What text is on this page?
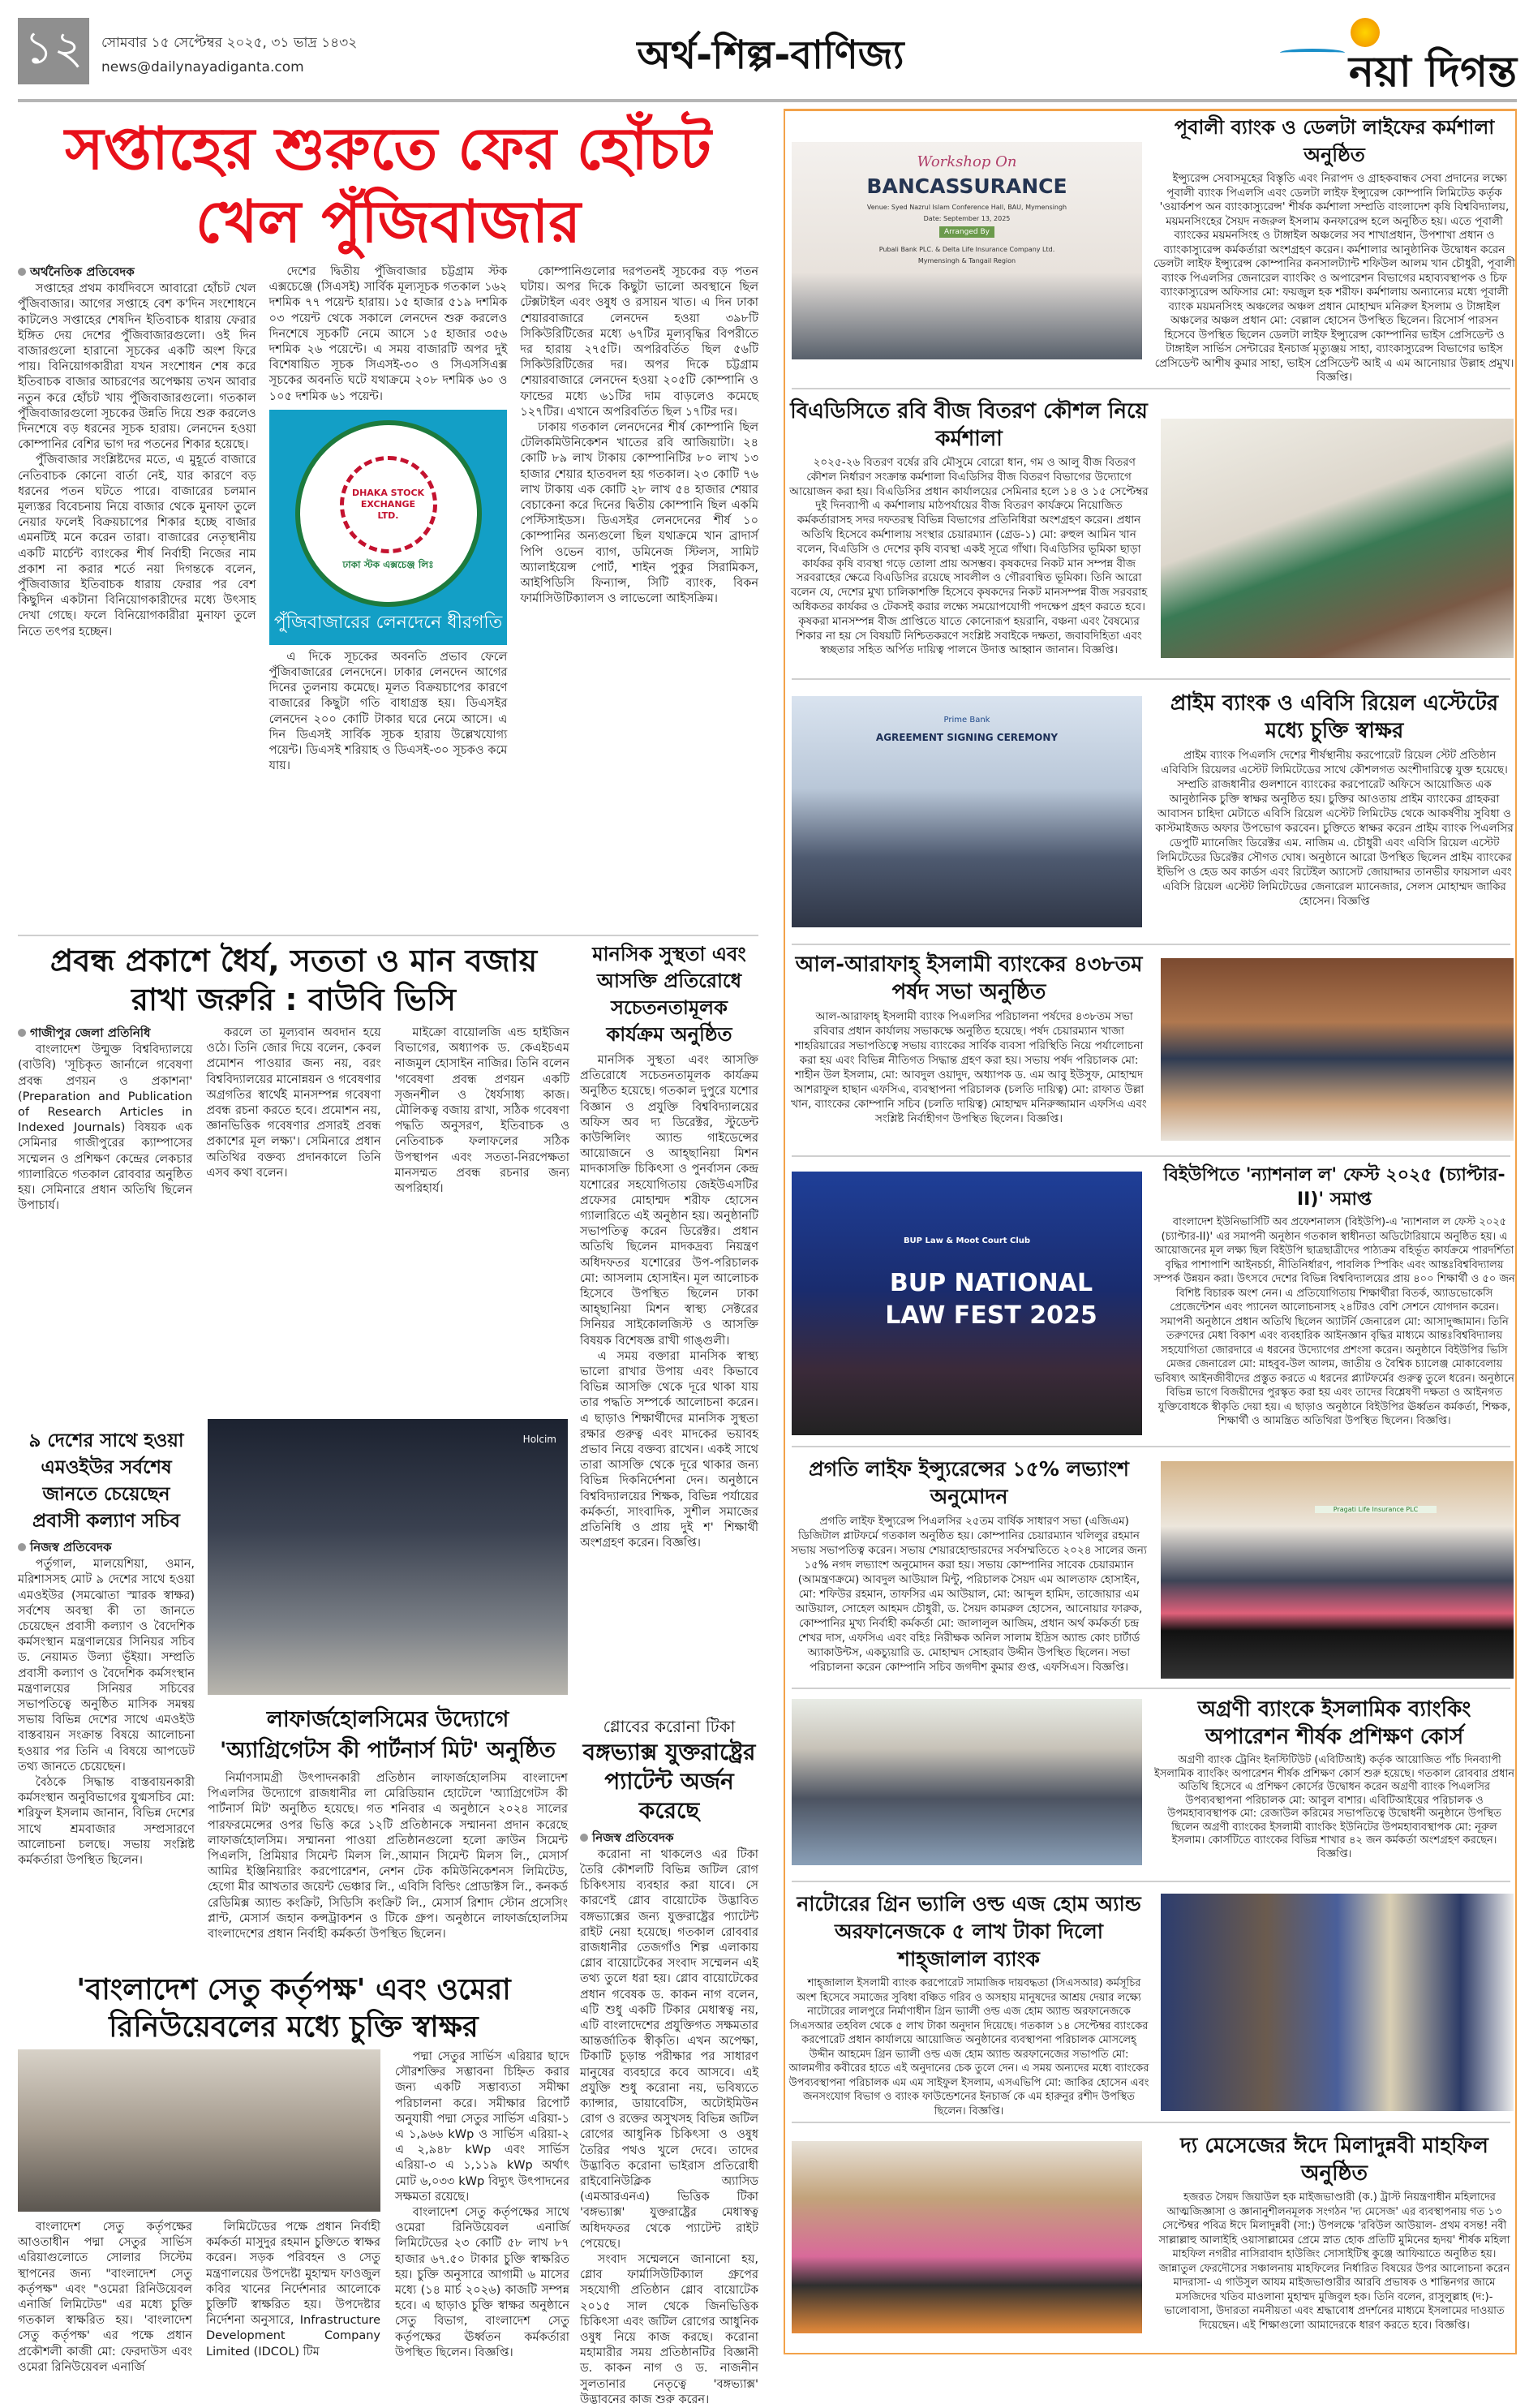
১২	সোমবার ১৫ সেপ্টেম্বর ২০২৫, ৩১ ভাদ্র ১৪৩২
news@dailynayadiganta.com	অর্থ-শিল্প-বাণিজ্য	নয়া দিগন্ত
সপ্তাহের শুরুতে ফের হোঁচট
খেল পুঁজিবাজার
অর্থনৈতিক প্রতিবেদক

সপ্তাহের প্রথম কার্যদিবসে আবারো হোঁচট খেল পুঁজিবাজার। আগের সপ্তাহে বেশ ক'দিন সংশোধনে কাটলেও সপ্তাহের শেষদিন ইতিবাচক ধারায় ফেরার ইঙ্গিত দেয় দেশের পুঁজিবাজারগুলো। ওই দিন বাজারগুলো হারানো সূচকের একটি অংশ ফিরে পায়। বিনিয়োগকারীরা যখন সংশোধন শেষ করে ইতিবাচক বাজার আচরণের অপেক্ষায় তখন আবার নতুন করে হোঁচট খায় পুঁজিবাজারগুলো। গতকাল পুঁজিবাজারগুলো সূচকের উন্নতি দিয়ে শুরু করলেও দিনশেষে বড় ধরনের সূচক হারায়। লেনদেন হওয়া কোম্পানির বেশির ভাগ দর পতনের শিকার হয়েছে।

পুঁজিবাজার সংশ্লিষ্টদের মতে, এ মুহূর্তে বাজারে নেতিবাচক কোনো বার্তা নেই, যার কারণে বড় ধরনের পতন ঘটতে পারে। বাজারের চলমান মূল্যস্তর বিবেচনায় নিয়ে বাজার থেকে মুনাফা তুলে নেয়ার ফলেই বিক্রয়চাপের শিকার হচ্ছে বাজার এমনটিই মনে করেন তারা। বাজারের নেতৃস্থানীয় একটি মার্চেন্ট ব্যাংকের শীর্ষ নির্বাহী নিজের নাম প্রকাশ না করার শর্তে নয়া দিগন্তকে বলেন, পুঁজিবাজার ইতিবাচক ধারায় ফেরার পর বেশ কিছুদিন একটানা বিনিয়োগকারীদের মধ্যে উৎসাহ দেখা গেছে। ফলে বিনিয়োগকারীরা মুনাফা তুলে নিতে তৎপর হচ্ছেন।

দেশের দ্বিতীয় পুঁজিবাজার চট্টগ্রাম স্টক এক্সচেঞ্জে (সিএসই) সার্বিক মূল্যসূচক গতকাল ১৬২ দশমিক ৭৭ পয়েন্ট হারায়। ১৫ হাজার ৫১৯ দশমিক ০৩ পয়েন্ট থেকে সকালে লেনদেন শুরু করলেও দিনশেষে সূচকটি নেমে আসে ১৫ হাজার ৩৫৬ দশমিক ২৬ পয়েন্টে। এ সময় বাজারটি অপর দুই বিশেষায়িত সূচক সিএসই-৩০ ও সিএসসিএক্স সূচকের অবনতি ঘটে যথাক্রমে ২০৮ দশমিক ৬০ ও ১০৫ দশমিক ৬১ পয়েন্ট।

DHAKA STOCK EXCHANGE LTD.
ঢাকা স্টক এক্সচেঞ্জ লিঃ
পুঁজিবাজারের লেনদেনে ধীরগতি

এ দিকে সূচকের অবনতি প্রভাব ফেলে পুঁজিবাজারের লেনদেনে। ঢাকার লেনদেন আগের দিনের তুলনায় কমেছে। মূলত বিক্রয়চাপের কারণে বাজারের কিছুটা গতি বাধাগ্রস্ত হয়। ডিএসইর লেনদেন ২০০ কোটি টাকার ঘরে নেমে আসে। এ দিন ডিএসই সার্বিক সূচক হারায় উল্লেখযোগ্য পয়েন্ট। ডিএসই শরিয়াহ ও ডিএসই-৩০ সূচকও কমে যায়।

কোম্পানিগুলোর দরপতনই সূচকের বড় পতন ঘটায়। অপর দিকে কিছুটা ভালো অবস্থানে ছিল টেক্সটাইল এবং ওষুধ ও রসায়ন খাত। এ দিন ঢাকা শেয়ারবাজারে লেনদেন হওয়া ৩৯৮টি সিকিউরিটিজের মধ্যে ৬৭টির মূল্যবৃদ্ধির বিপরীতে দর হারায় ২৭৫টি। অপরিবর্তিত ছিল ৫৬টি সিকিউরিটিজের দর। অপর দিকে চট্টগ্রাম শেয়ারবাজারে লেনদেন হওয়া ২০৫টি কোম্পানি ও ফান্ডের মধ্যে ৬১টির দাম বাড়লেও কমেছে ১২৭টির। এখানে অপরিবর্তিত ছিল ১৭টির দর।

ঢাকায় গতকাল লেনদেনের শীর্ষ কোম্পানি ছিল টেলিকমিউনিকেশন খাতের রবি আজিয়াটা। ২৪ কোটি ৮৯ লাখ টাকায় কোম্পানিটির ৮০ লাখ ১৩ হাজার শেয়ার হাতবদল হয় গতকাল। ২৩ কোটি ৭৬ লাখ টাকায় এক কোটি ২৮ লাখ ৫৪ হাজার শেয়ার বেচাকেনা করে দিনের দ্বিতীয় কোম্পানি ছিল একমি পেস্টিসাইডস। ডিএসইর লেনদেনের শীর্ষ ১০ কোম্পানির অন্যগুলো ছিল যথাক্রমে খান ব্রাদার্স পিপি ওভেন ব্যাগ, ডমিনেজ স্টিলস, সামিট অ্যালাইয়েন্স পোর্ট, শাইন পুকুর সিরামিকস, আইপিডিসি ফিন্যান্স, সিটি ব্যাংক, বিকন ফার্মাসিউটিক্যালস ও লাভেলো আইসক্রিম।

প্রবন্ধ প্রকাশে ধৈর্য, সততা ও মান বজায় রাখা জরুরি : বাউবি ভিসি
গাজীপুর জেলা প্রতিনিধি

বাংলাদেশ উন্মুক্ত বিশ্ববিদ্যালয়ে (বাউবি) 'সূচিকৃত জার্নালে গবেষণা প্রবন্ধ প্রণয়ন ও প্রকাশনা' (Preparation and Publication of Research Articles in Indexed Journals) বিষয়ক এক সেমিনার গাজীপুরের ক্যাম্পাসের সম্মেলন ও প্রশিক্ষণ কেন্দ্রের লেকচার গ্যালারিতে গতকাল রোববার অনুষ্ঠিত হয়। সেমিনারে প্রধান অতিথি ছিলেন উপাচার্য।

করলে তা মূল্যবান অবদান হয়ে ওঠে। তিনি জোর দিয়ে বলেন, কেবল প্রমোশন পাওয়ার জন্য নয়, বরং বিশ্ববিদ্যালয়ের মানোন্নয়ন ও গবেষণার অগ্রগতির স্বার্থেই মানসম্পন্ন গবেষণা প্রবন্ধ রচনা করতে হবে। প্রমোশন নয়, জ্ঞানভিত্তিক গবেষণার প্রসারই প্রবন্ধ প্রকাশের মূল লক্ষ্য'। সেমিনারে প্রধান অতিথির বক্তব্য প্রদানকালে তিনি এসব কথা বলেন।

মাইক্রো বায়োলজি এন্ড হাইজিন বিভাগের, অধ্যাপক ড. কেএইচএম নাজমুল হোসাইন নাজির। তিনি বলেন 'গবেষণা প্রবন্ধ প্রণয়ন একটি সৃজনশীল ও ধৈর্যসাধ্য কাজ। মৌলিকত্ব বজায় রাখা, সঠিক গবেষণা পদ্ধতি অনুসরণ, ইতিবাচক ও নেতিবাচক ফলাফলের সঠিক উপস্থাপন এবং সততা-নিরপেক্ষতা মানসম্মত প্রবন্ধ রচনার জন্য অপরিহার্য।

মানসিক সুস্থতা এবং আসক্তি প্রতিরোধে সচেতনতামূলক কার্যক্রম অনুষ্ঠিত

মানসিক সুস্থতা এবং আসক্তি প্রতিরোধে সচেতনতামূলক কার্যক্রম অনুষ্ঠিত হয়েছে। গতকাল দুপুরে যশোর বিজ্ঞান ও প্রযুক্তি বিশ্ববিদ্যালয়ের অফিস অব দ্য ডিরেক্টর, স্টুডেন্ট কাউন্সিলিং অ্যান্ড গাইডেন্সের আয়োজনে ও আহ্ছানিয়া মিশন মাদকাসক্তি চিকিৎসা ও পুনর্বাসন কেন্দ্র যশোরের সহযোগিতায় জেইউএসটির প্রফেসর মোহাম্মদ শরীফ হোসেন গ্যালারিতে এই অনুষ্ঠান হয়। অনুষ্ঠানটি সভাপতিত্ব করেন ডিরেক্টর। প্রধান অতিথি ছিলেন মাদকদ্রব্য নিয়ন্ত্রণ অধিদফতর যশোরের উপ-পরিচালক মো: আসলাম হোসাইন। মূল আলোচক হিসেবে উপস্থিত ছিলেন ঢাকা আহ্ছানিয়া মিশন স্বাস্থ্য সেক্টরের সিনিয়র সাইকোলজিস্ট ও আসক্তি বিষয়ক বিশেষজ্ঞ রাখী গাঙ্গুলী।

এ সময় বক্তারা মানসিক স্বাস্থ্য ভালো রাখার উপায় এবং কিভাবে বিভিন্ন আসক্তি থেকে দূরে থাকা যায় তার পদ্ধতি সম্পর্কে আলোচনা করেন। এ ছাড়াও শিক্ষার্থীদের মানসিক সুস্থতা রক্ষার গুরুত্ব এবং মাদকের ভয়াবহ প্রভাব নিয়ে বক্তব্য রাখেন। একই সাথে তারা আসক্তি থেকে দূরে থাকার জন্য বিভিন্ন দিকনির্দেশনা দেন। অনুষ্ঠানে বিশ্ববিদ্যালয়ের শিক্ষক, বিভিন্ন পর্যায়ের কর্মকর্তা, সাংবাদিক, সুশীল সমাজের প্রতিনিধি ও প্রায় দুই শ' শিক্ষার্থী অংশগ্রহণ করেন। বিজ্ঞপ্তি।

গ্লোবের করোনা টিকা
বঙ্গভ্যাক্স যুক্তরাষ্ট্রের প্যাটেন্ট অর্জন করেছে
নিজস্ব প্রতিবেদক

করোনা না থাকলেও এর টিকা তৈরি কৌশলটি বিভিন্ন জটিল রোগ চিকিৎসায় ব্যবহার করা যাবে। সে কারণেই গ্লোব বায়োটেক উদ্ভাবিত বঙ্গভ্যাক্সের জন্য যুক্তরাষ্ট্রের প্যাটেন্ট রাইট নেয়া হয়েছে। গতকাল রোববার রাজধানীর তেজগাঁও শিল্প এলাকায় গ্লোব বায়োটেকের সংবাদ সম্মেলন এই তথ্য তুলে ধরা হয়। গ্লোব বায়োটেকের প্রধান গবেষক ড. কাকন নাগ বলেন, এটি শুধু একটি টিকার মেধাস্বত্ব নয়, এটি বাংলাদেশের প্রযুক্তিগত সক্ষমতার আন্তর্জাতিক স্বীকৃতি। এখন অপেক্ষা, টিকাটি চূড়ান্ত পরীক্ষার পর সাধারণ মানুষের ব্যবহারে কবে আসবে। এই প্রযুক্তি শুধু করোনা নয়, ভবিষ্যতে ক্যান্সার, ডায়াবেটিস, অটোইমিউন রোগ ও রক্তের অসুখসহ বিভিন্ন জটিল রোগের আধুনিক চিকিৎসা ও ওষুধ তৈরির পথও খুলে দেবে। তাদের উদ্ভাবিত করোনা ভাইরাস প্রতিরোধী রাইবোনিউক্লিক অ্যাসিড (এমআরএনএ) ভিত্তিক টিকা 'বঙ্গভ্যাক্স' যুক্তরাষ্ট্রের মেধাস্বত্ব অধিদফতর থেকে প্যাটেন্ট রাইট পেয়েছে।

সংবাদ সম্মেলনে জানানো হয়, গ্লোব ফার্মাসিউটিক্যাল গ্রুপের সহযোগী প্রতিষ্ঠান গ্লোব বায়োটেক ২০১৫ সাল থেকে জিনভিত্তিক চিকিৎসা এবং জটিল রোগের আধুনিক ওষুধ নিয়ে কাজ করছে। করোনা মহামারীর সময় প্রতিষ্ঠানটির বিজ্ঞানী ড. কাকন নাগ ও ড. নাজনীন সুলতানার নেতৃত্বে 'বঙ্গভ্যাক্স' উদ্ভাবনের কাজ শুরু করেন।

৯ দেশের সাথে হওয়া এমওইউর সর্বশেষ জানতে চেয়েছেন প্রবাসী কল্যাণ সচিব
নিজস্ব প্রতিবেদক

পর্তুগাল, মালয়েশিয়া, ওমান, মরিশাসসহ মোট ৯ দেশের সাথে হওয়া এমওইউর (সমঝোতা স্মারক স্বাক্ষর) সর্বশেষ অবস্থা কী তা জানতে চেয়েছেন প্রবাসী কল্যাণ ও বৈদেশিক কর্মসংস্থান মন্ত্রণালয়ের সিনিয়র সচিব ড. নেয়ামত উল্যা ভূঁইয়া। সম্প্রতি প্রবাসী কল্যাণ ও বৈদেশিক কর্মসংস্থান মন্ত্রণালয়ের সিনিয়র সচিবের সভাপতিত্বে অনুষ্ঠিত মাসিক সমন্বয় সভায় বিভিন্ন দেশের সাথে এমওইউ বাস্তবায়ন সংক্রান্ত বিষয়ে আলোচনা হওয়ার পর তিনি এ বিষয়ে আপডেট তথ্য জানতে চেয়েছেন।

বৈঠকে সিদ্ধান্ত বাস্তবায়নকারী কর্মসংস্থান অনুবিভাগের যুগ্মসচিব মো: শরিফুল ইসলাম জানান, বিভিন্ন দেশের সাথে শ্রমবাজার সম্প্রসারণে আলোচনা চলছে। সভায় সংশ্লিষ্ট কর্মকর্তারা উপস্থিত ছিলেন।

Holcim
লাফার্জহোলসিমের উদ্যোগে 'অ্যাগ্রিগেটস কী পার্টনার্স মিট' অনুষ্ঠিত

নির্মাণসামগ্রী উৎপাদনকারী প্রতিষ্ঠান লাফার্জহোলসিম বাংলাদেশ পিএলসির উদ্যোগে রাজধানীর লা মেরিডিয়ান হোটেলে 'অ্যাগ্রিগেটস কী পার্টনার্স মিট' অনুষ্ঠিত হয়েছে। গত শনিবার এ অনুষ্ঠানে ২০২৪ সালের পারফরমেন্সের ওপর ভিত্তি করে ১২টি প্রতিষ্ঠানকে সম্মাননা প্রদান করেছে লাফার্জহোলসিম। সম্মাননা পাওয়া প্রতিষ্ঠানগুলো হলো ক্রাউন সিমেন্ট পিএলসি, প্রিমিয়ার সিমেন্ট মিলস লি.,আমান সিমেন্ট মিলস লি., মেসার্স আমির ইঞ্জিনিয়ারিং করপোরেশন, নেশন টেক কমিউনিকেশনস লিমিটেড, হেগো মীর আখতার জয়েন্ট ভেঞ্চার লি., এবিসি বিল্ডিং প্রোডাক্টস লি., কনকর্ড রেডিমিক্স অ্যান্ড কংক্রিট, সিডিসি কংক্রিট লি., মেসার্স রিশাদ স্টোন প্রসেসিং প্লান্ট, মেসার্স জহান কন্সট্রাকশন ও টিকে গ্রুপ। অনুষ্ঠানে লাফার্জহোলসিম বাংলাদেশের প্রধান নির্বাহী কর্মকর্তা উপস্থিত ছিলেন।

'বাংলাদেশ সেতু কর্তৃপক্ষ' এবং ওমেরা
রিনিউয়েবলের মধ্যে চুক্তি স্বাক্ষর

বাংলাদেশ সেতু কর্তৃপক্ষের আওতাধীন পদ্মা সেতুর সার্ভিস এরিয়াগুলোতে সোলার সিস্টেম স্থাপনের জন্য "বাংলাদেশ সেতু কর্তৃপক্ষ" এবং "ওমেরা রিনিউয়েবল এনার্জি লিমিটেড" এর মধ্যে চুক্তি গতকাল স্বাক্ষরিত হয়। 'বাংলাদেশ সেতু কর্তৃপক্ষ' এর পক্ষে প্রধান প্রকৌশলী কাজী মো: ফেরদাউস এবং ওমেরা রিনিউয়েবল এনার্জি

লিমিটেডের পক্ষে প্রধান নির্বাহী কর্মকর্তা মাসুদুর রহমান চুক্তিতে স্বাক্ষর করেন। সড়ক পরিবহন ও সেতু মন্ত্রণালয়ের উপদেষ্টা মুহাম্মদ ফাওজুল কবির খানের নির্দেশনার আলোকে চুক্তিটি স্বাক্ষরিত হয়। উপদেষ্টার নির্দেশনা অনুসারে, Infrastructure Development Company Limited (IDCOL) টিম

পদ্মা সেতুর সার্ভিস এরিয়ার ছাদে সৌরশক্তির সম্ভাবনা চিহ্নিত করার জন্য একটি সম্ভাব্যতা সমীক্ষা পরিচালনা করে। সমীক্ষার রিপোর্ট অনুযায়ী পদ্মা সেতুর সার্ভিস এরিয়া-১ এ ১,৯৬৬ kWp ও সার্ভিস এরিয়া-২ এ ২,৯৪৮ kWp এবং সার্ভিস এরিয়া-৩ এ ১,১১৯ kWp অর্থাৎ মোট ৬,০৩৩ kWp বিদ্যুৎ উৎপাদনের সক্ষমতা রয়েছে।

বাংলাদেশ সেতু কর্তৃপক্ষের সাথে ওমেরা রিনিউয়েবল এনার্জি লিমিটেডের ২৩ কোটি ৫৮ লাখ ৮৭ হাজার ৬৭.৫০ টাকার চুক্তি স্বাক্ষরিত হয়। চুক্তি অনুসারে আগামী ৬ মাসের মধ্যে (১৪ মার্চ ২০২৬) কাজটি সম্পন্ন হবে। এ ছাড়াও চুক্তি স্বাক্ষর অনুষ্ঠানে সেতু বিভাগ, বাংলাদেশ সেতু কর্তৃপক্ষের ঊর্ধ্বতন কর্মকর্তারা উপস্থিত ছিলেন। বিজ্ঞপ্তি।

Workshop On
BANCASSURANCE
Venue: Syed Nazrul Islam Conference Hall, BAU, Mymensingh
Date: September 13, 2025
Arranged By
Pubali Bank PLC. & Delta Life Insurance Company Ltd.
Mymensingh & Tangail Region
পূবালী ব্যাংক ও ডেলটা লাইফের কর্মশালা অনুষ্ঠিত

ইন্স্যুরেন্স সেবাসমূহের বিস্তৃতি এবং নিরাপদ ও গ্রাহকবান্ধব সেবা প্রদানের লক্ষ্যে পূবালী ব্যাংক পিএলসি এবং ডেলটা লাইফ ইন্স্যুরেন্স কোম্পানি লিমিটেড কর্তৃক 'ওয়ার্কশপ অন ব্যাংকাস্যুরেন্স' শীর্ষক কর্মশালা সম্প্রতি বাংলাদেশ কৃষি বিশ্ববিদ্যালয়, ময়মনসিংহের সৈয়দ নজরুল ইসলাম কনফারেন্স হলে অনুষ্ঠিত হয়। এতে পূবালী ব্যাংকের ময়মনসিংহ ও টাঙ্গাইল অঞ্চলের সব শাখাপ্রধান, উপশাখা প্রধান ও ব্যাংকাস্যুরেন্স কর্মকর্তারা অংশগ্রহণ করেন। কর্মশালার আনুষ্ঠানিক উদ্বোধন করেন ডেলটা লাইফ ইন্স্যুরেন্স কোম্পানির কনসালট্যান্ট শফিউল আলম খান চৌধুরী, পূবালী ব্যাংক পিএলসির জেনারেল ব্যাংকিং ও অপারেশন বিভাগের মহাব্যবস্থাপক ও চিফ ব্যাংকাস্যুরেন্স অফিসার মো: ফয়জুল হক শরীফ। কর্মশালায় অন্যান্যের মধ্যে পূবালী ব্যাংক ময়মনসিংহ অঞ্চলের অঞ্চল প্রধান মোহাম্মদ মনিরুল ইসলাম ও টাঙ্গাইল অঞ্চলের অঞ্চল প্রধান মো: বেল্লাল হোসেন উপস্থিত ছিলেন। রিসোর্স পারসন হিসেবে উপস্থিত ছিলেন ডেলটা লাইফ ইন্স্যুরেন্স কোম্পানির ভাইস প্রেসিডেন্ট ও টাঙ্গাইল সার্ভিস সেন্টারের ইনচার্জ মৃত্যুঞ্জয় সাহা, ব্যাংকাস্যুরেন্স বিভাগের ভাইস প্রেসিডেন্ট আশীষ কুমার সাহা, ভাইস প্রেসিডেন্ট আই এ এম আনোয়ার উল্লাহ প্রমুখ। বিজ্ঞপ্তি।

বিএডিসিতে রবি বীজ বিতরণ কৌশল নিয়ে কর্মশালা

২০২৫-২৬ বিতরণ বর্ষের রবি মৌসুমে বোরো ধান, গম ও আলু বীজ বিতরণ কৌশল নির্ধারণ সংক্রান্ত কর্মশালা বিএডিসির বীজ বিতরণ বিভাগের উদ্যোগে আয়োজন করা হয়। বিএডিসির প্রধান কার্যালয়ের সেমিনার হলে ১৪ ও ১৫ সেপ্টেম্বর দুই দিনব্যাপী এ কর্মশালায় মাঠপর্যায়ের বীজ বিতরণ কার্যক্রমে নিয়োজিত কর্মকর্তারাসহ সদর দফতরস্থ বিভিন্ন বিভাগের প্রতিনিধিরা অংশগ্রহণ করেন। প্রধান অতিথি হিসেবে কর্মশালায় সংস্থার চেয়ারম্যান (গ্রেড-১) মো: রুহুল আমিন খান বলেন, বিএডিসি ও দেশের কৃষি ব্যবস্থা একই সূত্রে গাঁথা। বিএডিসির ভূমিকা ছাড়া কার্যকর কৃষি ব্যবস্থা গড়ে তোলা প্রায় অসম্ভব। কৃষকদের নিকট মান সম্পন্ন বীজ সরবরাহের ক্ষেত্রে বিএডিসির রয়েছে সাবলীল ও গৌরবান্বিত ভূমিকা। তিনি আরো বলেন যে, দেশের মুখ্য চালিকাশক্তি হিসেবে কৃষকদের নিকট মানসম্পন্ন বীজ সরবরাহ অধিকতর কার্যকর ও টেকসই করার লক্ষ্যে সময়োপযোগী পদক্ষেপ গ্রহণ করতে হবে। কৃষকরা মানসম্পন্ন বীজ প্রাপ্তিতে যাতে কোনোরূপ হয়রানি, বঞ্চনা এবং বৈষম্যের শিকার না হয় সে বিষয়টি নিশ্চিতকরণে সংশ্লিষ্ট সবাইকে দক্ষতা, জবাবদিহিতা এবং স্বচ্ছতার সহিত অর্পিত দায়িত্ব পালনে উদাত্ত আহ্বান জানান। বিজ্ঞপ্তি।

Prime Bank
AGREEMENT SIGNING CEREMONY
প্রাইম ব্যাংক ও এবিসি রিয়েল এস্টেটের মধ্যে চুক্তি স্বাক্ষর

প্রাইম ব্যাংক পিএলসি দেশের শীর্ষস্থানীয় করপোরেট রিয়েল স্টেট প্রতিষ্ঠান এবিবিসি রিয়েলর এস্টেট লিমিটেডের সাথে কৌশলগত অংশীদারিত্বে যুক্ত হয়েছে। সম্প্রতি রাজধানীর গুলশানে ব্যাংকের করপোরেট অফিসে আয়োজিত এক আনুষ্ঠানিক চুক্তি স্বাক্ষর অনুষ্ঠিত হয়। চুক্তির আওতায় প্রাইম ব্যাংকের গ্রাহকরা আবাসন চাহিদা মেটাতে এবিসি রিয়েল এস্টেট লিমিটেড থেকে আকর্ষণীয় সুবিধা ও কাস্টমাইজড অফার উপভোগ করবেন। চুক্তিতে স্বাক্ষর করেন প্রাইম ব্যাংক পিএলসির ডেপুটি ম্যানেজিং ডিরেক্টর এম. নাজিম এ. চৌধুরী এবং এবিসি রিয়েল এস্টেট লিমিটেডের ডিরেক্টর সৌগত ঘোষ। অনুষ্ঠানে আরো উপস্থিত ছিলেন প্রাইম ব্যাংকের ইভিপি ও হেড অব কার্ডস এবং রিটেইল অ্যাসেট জোয়াদ্দার তানভীর ফায়সাল এবং এবিসি রিয়েল এস্টেট লিমিটেডের জেনারেল ম্যানেজার, সেলস মোহাম্মদ জাকির হোসেন। বিজ্ঞপ্তি

আল-আরাফাহ্ ইসলামী ব্যাংকের ৪৩৮তম পর্ষদ সভা অনুষ্ঠিত

আল-আরাফাহ্ ইসলামী ব্যাংক পিএলসির পরিচালনা পর্ষদের ৪৩৮তম সভা রবিবার প্রধান কার্যালয় সভাকক্ষে অনুষ্ঠিত হয়েছে। পর্ষদ চেয়ারম্যান খাজা শাহরিয়ারের সভাপতিত্বে সভায় ব্যাংকের সার্বিক ব্যবসা পরিস্থিতি নিয়ে পর্যালোচনা করা হয় এবং বিভিন্ন নীতিগত সিদ্ধান্ত গ্রহণ করা হয়। সভায় পর্ষদ পরিচালক মো: শাহীন উল ইসলাম, মো: আবদুল ওয়াদুদ, অধ্যাপক ড. এম আবু ইউসুফ, মোহাম্মদ আশরাফুল হাছান এফসিএ, ব্যবস্থাপনা পরিচালক (চলতি দায়িত্ব) মো: রাফাত উল্লা খান, ব্যাংকের কোম্পানি সচিব (চলতি দায়িত্ব) মোহাম্মদ মনিরুজ্জামান এফসিএ এবং সংশ্লিষ্ট নির্বাহীগণ উপস্থিত ছিলেন। বিজ্ঞপ্তি।

BUP Law & Moot Court Club
BUP NATIONAL
LAW FEST 2025
বিইউপিতে 'ন্যাশনাল ল' ফেস্ট ২০২৫ (চ্যাপ্টার-II)' সমাপ্ত

বাংলাদেশ ইউনিভার্সিটি অব প্রফেশনালস (বিইউপি)-এ 'ন্যাশনাল ল ফেস্ট ২০২৫ (চ্যাপ্টার-II)' এর সমাপনী অনুষ্ঠান গতকাল স্বাধীনতা অডিটোরিয়ামে অনুষ্ঠিত হয়। এ আয়োজনের মূল লক্ষ্য ছিল বিইউপি ছাত্রছাত্রীদের পাঠ্যক্রম বহির্ভূত কার্যক্রমে পারদর্শিতা বৃদ্ধির পাশাপাশি আইনচর্চা, নীতিনির্ধারণ, পাবলিক স্পিকিং এবং আন্তঃবিশ্ববিদ্যালয় সম্পর্ক উন্নয়ন করা। উৎসবে দেশের বিভিন্ন বিশ্ববিদ্যালয়ের প্রায় ৪০০ শিক্ষার্থী ও ৫০ জন বিশিষ্ট বিচারক অংশ নেন। এ প্রতিযোগিতায় শিক্ষার্থীরা বিতর্ক, অ্যাডভোকেসি প্রেজেন্টেশন এবং প্যানেল আলোচনাসহ ২৪টিরও বেশি সেশনে যোগদান করেন। সমাপনী অনুষ্ঠানে প্রধান অতিথি ছিলেন অ্যাটর্নি জেনারেল মো: আসাদুজ্জামান। তিনি তরুণদের মেধা বিকাশ এবং ব্যবহারিক আইনজ্ঞান বৃদ্ধির মাধ্যমে আন্তঃবিশ্ববিদ্যালয় সহযোগিতা জোরদারে এ ধরনের উদ্যোগের প্রশংসা করেন। অনুষ্ঠানে বিইউপির ভিসি মেজর জেনারেল মো: মাহবুব-উল আলম, জাতীয় ও বৈশ্বিক চ্যালেঞ্জ মোকাবেলায় ভবিষ্যৎ আইনজীবীদের প্রস্তুত করতে এ ধরনের প্ল্যাটফর্মের গুরুত্ব তুলে ধরেন। অনুষ্ঠানে বিভিন্ন ভাগে বিজয়ীদের পুরস্কৃত করা হয় এবং তাদের বিশ্লেষণী দক্ষতা ও আইনগত যুক্তিবোধকে স্বীকৃতি দেয়া হয়। এ ছাড়াও অনুষ্ঠানে বিইউপির ঊর্ধ্বতন কর্মকর্তা, শিক্ষক, শিক্ষার্থী ও আমন্ত্রিত অতিথিরা উপস্থিত ছিলেন। বিজ্ঞপ্তি।

প্রগতি লাইফ ইন্স্যুরেন্সের ১৫% লভ্যাংশ অনুমোদন

প্রগতি লাইফ ইন্স্যুরেন্স পিএলসির ২৫তম বার্ষিক সাধারণ সভা (এজিএম) ডিজিটাল প্লাটফর্মে গতকাল অনুষ্ঠিত হয়। কোম্পানির চেয়ারম্যান খলিলুর রহমান সভায় সভাপতিত্ব করেন। সভায় শেয়ারহোল্ডারদের সর্বসম্মতিতে ২০২৪ সালের জন্য ১৫% নগদ লভ্যাংশ অনুমোদন করা হয়। সভায় কোম্পানির সাবেক চেয়ারম্যান (আমন্ত্রণক্রমে) আবদুল আউয়াল মিন্টু, পরিচালক সৈয়দ এম আলতাফ হোসাইন, মো: শফিউর রহমান, তাফসির এম আউয়াল, মো: আব্দুল হামিদ, তাজোয়ার এম আউয়াল, সোহেল আহমদ চৌধুরী, ড. সৈয়দ কামরুল হোসেন, আনোয়ার ফারুক, কোম্পানির মুখ্য নির্বাহী কর্মকর্তা মো: জালালুল আজিম, প্রধান অর্থ কর্মকর্তা চন্দ্র শেখর দাস, এফসিএ এবং বহিঃ নিরীক্ষক অনিল সালাম ইদ্রিস অ্যান্ড কোং চার্টার্ড অ্যাকাউন্টস, একচ্যুয়ারি ড. মোহাম্মদ সোহরাব উদ্দীন উপস্থিত ছিলেন। সভা পরিচালনা করেন কোম্পানি সচিব জগদীশ কুমার গুপ্ত, এফসিএস। বিজ্ঞপ্তি।

Pragati Life Insurance PLC
অগ্রণী ব্যাংকে ইসলামিক ব্যাংকিং অপারেশন শীর্ষক প্রশিক্ষণ কোর্স

অগ্রণী ব্যাংক ট্রেনিং ইনস্টিটিউট (এবিটিআই) কর্তৃক আয়োজিত পাঁচ দিনব্যাপী ইসলামিক ব্যাংকিং অপারেশন শীর্ষক প্রশিক্ষণ কোর্স শুরু হয়েছে। গতকাল রোববার প্রধান অতিথি হিসেবে এ প্রশিক্ষণ কোর্সের উদ্বোধন করেন অগ্রণী ব্যাংক পিএলসির উপব্যবস্থাপনা পরিচালক মো: আবুল বাশার। এবিটিআইয়ের পরিচালক ও উপমহাব্যবস্থাপক মো: রেজাউল করিমের সভাপতিত্বে উদ্বোধনী অনুষ্ঠানে উপস্থিত ছিলেন অগ্রণী ব্যাংকের ইসলামী ব্যাংকিং ইউনিটের উপমহাব্যবস্থাপক মো: নূরুল ইসলাম। কোর্সটিতে ব্যাংকের বিভিন্ন শাখার ৪২ জন কর্মকর্তা অংশগ্রহণ করছেন। বিজ্ঞপ্তি।

নাটোরের গ্রিন ভ্যালি ওল্ড এজ হোম অ্যান্ড অরফানেজকে ৫ লাখ টাকা দিলো শাহ্জালাল ব্যাংক

শাহ্জালাল ইসলামী ব্যাংক করপোরেট সামাজিক দায়বদ্ধতা (সিএসআর) কর্মসূচির অংশ হিসেবে সমাজের সুবিধা বঞ্চিত গরিব ও অসহায় মানুষদের আশ্রয় দেয়ার লক্ষ্যে নাটোরের লালপুরে নির্মাণাধীন গ্রিন ভ্যালী ওল্ড এজ হোম অ্যান্ড অরফানেজকে সিএসআর তহবিল থেকে ৫ লাখ টাকা অনুদান দিয়েছে। গতকাল ১৪ সেপ্টেম্বর ব্যাংকের করপোরেট প্রধান কার্যালয়ে আয়োজিত অনুষ্ঠানের ব্যবস্থাপনা পরিচালক মোসলেহ্ উদ্দীন আহমেদ গ্রিন ভ্যালী ওল্ড এজ হোম অ্যান্ড অরফানেজের সভাপতি মো: আলমগীর কবীরের হাতে এই অনুদানের চেক তুলে দেন। এ সময় অন্যদের মধ্যে ব্যাংকের উপব্যবস্থাপনা পরিচালক এম এম সাইফুল ইসলাম, এসএভিপি মো: জাকির হোসেন এবং জনসংযোগ বিভাগ ও ব্যাংক ফাউন্ডেশনের ইনচার্জ কে এম হারুনুর রশীদ উপস্থিত ছিলেন। বিজ্ঞপ্তি।

দ্য মেসেজের ঈদে মিলাদুন্নবী মাহফিল অনুষ্ঠিত

হজরত সৈয়দ জিয়াউল হক মাইজভাণ্ডারী (ক.) ট্রাস্ট নিয়ন্ত্রণাধীন মহিলাদের আত্মজিজ্ঞাসা ও জ্ঞানানুশীলনমূলক সংগঠন 'দ্য মেসেজ' এর ব্যবস্থাপনায় গত ১৩ সেপ্টেম্বর পবিত্র ঈদে মিলাদুন্নবী (সা:) উপলক্ষে 'রবিউল আউয়াল- প্রথম বসন্ত! নবী সাল্লাল্লাহু আলাইহি ওয়াসাল্লামের প্রেমে স্নাত হোক প্রতিটি মুমিনের হৃদয়' শীর্ষক মহিলা মাহফিল নগরীর নাসিরাবাদ হাউজিং সোসাইটিস্থ কুঞ্জে আফিয়াতে অনুষ্ঠিত হয়। জান্নাতুল ফেরদৌসের সঞ্চালনায় মাহফিলের নির্ধারিত বিষয়ের উপর আলোচনা করেন মাদরাসা- এ গাউসুল আযম মাইজভাণ্ডারীর আরবি প্রভাষক ও শান্তিনগর জামে মসজিদের খতিব মাওলানা মুহাম্মদ মুজিবুল হক। তিনি বলেন, রাসুলুল্লাহ (দ:)- ভালোবাসা, উদারতা নমনীয়তা এবং শ্রদ্ধাবোধ প্রদর্শনের মাধ্যমে ইসলামের দাওয়াত দিয়েছেন। এই শিক্ষাগুলো আমাদেরকে ধারণ করতে হবে। বিজ্ঞপ্তি।
